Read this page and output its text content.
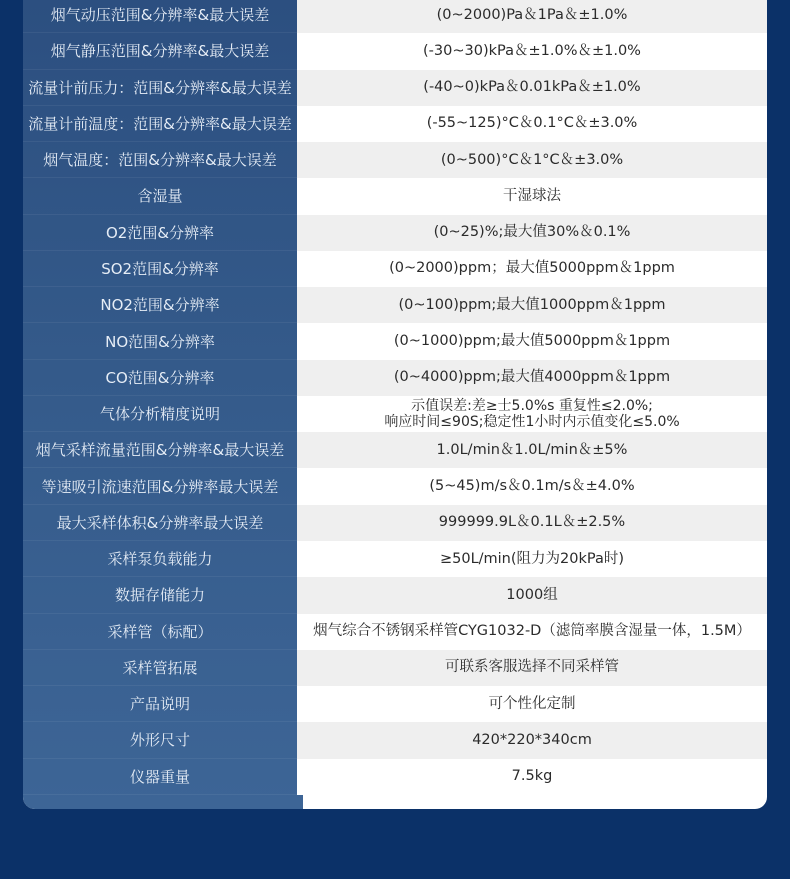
烟气动压范围&分辨率&最大误差	(0~2000)Pa＆1Pa＆±1.0%
烟气静压范围&分辨率&最大误差	(-30~30)kPa＆±1.0%＆±1.0%
流量计前压力：范围&分辨率&最大误差	(-40~0)kPa＆0.01kPa＆±1.0%
流量计前温度：范围&分辨率&最大误差	(-55~125)°C＆0.1°C＆±3.0%
烟气温度：范围&分辨率&最大误差	(0~500)°C＆1°C＆±3.0%
含湿量	干湿球法
O2范围&分辨率	(0~25)%;最大值30%＆0.1%
SO2范围&分辨率	(0~2000)ppm；最大值5000ppm＆1ppm
NO2范围&分辨率	(0~100)ppm;最大值1000ppm＆1ppm
NO范围&分辨率	(0~1000)ppm;最大值5000ppm＆1ppm
CO范围&分辨率	(0~4000)ppm;最大值4000ppm＆1ppm
气体分析精度说明	示值误差:差≥士5.0%s 重复性≤2.0%;
响应时间≤90S;稳定性1小时内示值变化≤5.0%
烟气采样流量范围&分辨率&最大误差	1.0L/min＆1.0L/min＆±5%
等速吸引流速范围&分辨率最大误差	(5~45)m/s＆0.1m/s＆±4.0%
最大采样体积&分辨率最大误差	999999.9L＆0.1L＆±2.5%
采样泵负载能力	≥50L/min(阻力为20kPa时)
数据存储能力	1000组
采样管（标配）	烟气综合不锈钢采样管CYG1032-D（滤筒率膜含湿量一体，1.5M）
采样管拓展	可联系客服选择不同采样管
产品说明	可个性化定制
外形尺寸	420*220*340cm
仪器重量	7.5kg
